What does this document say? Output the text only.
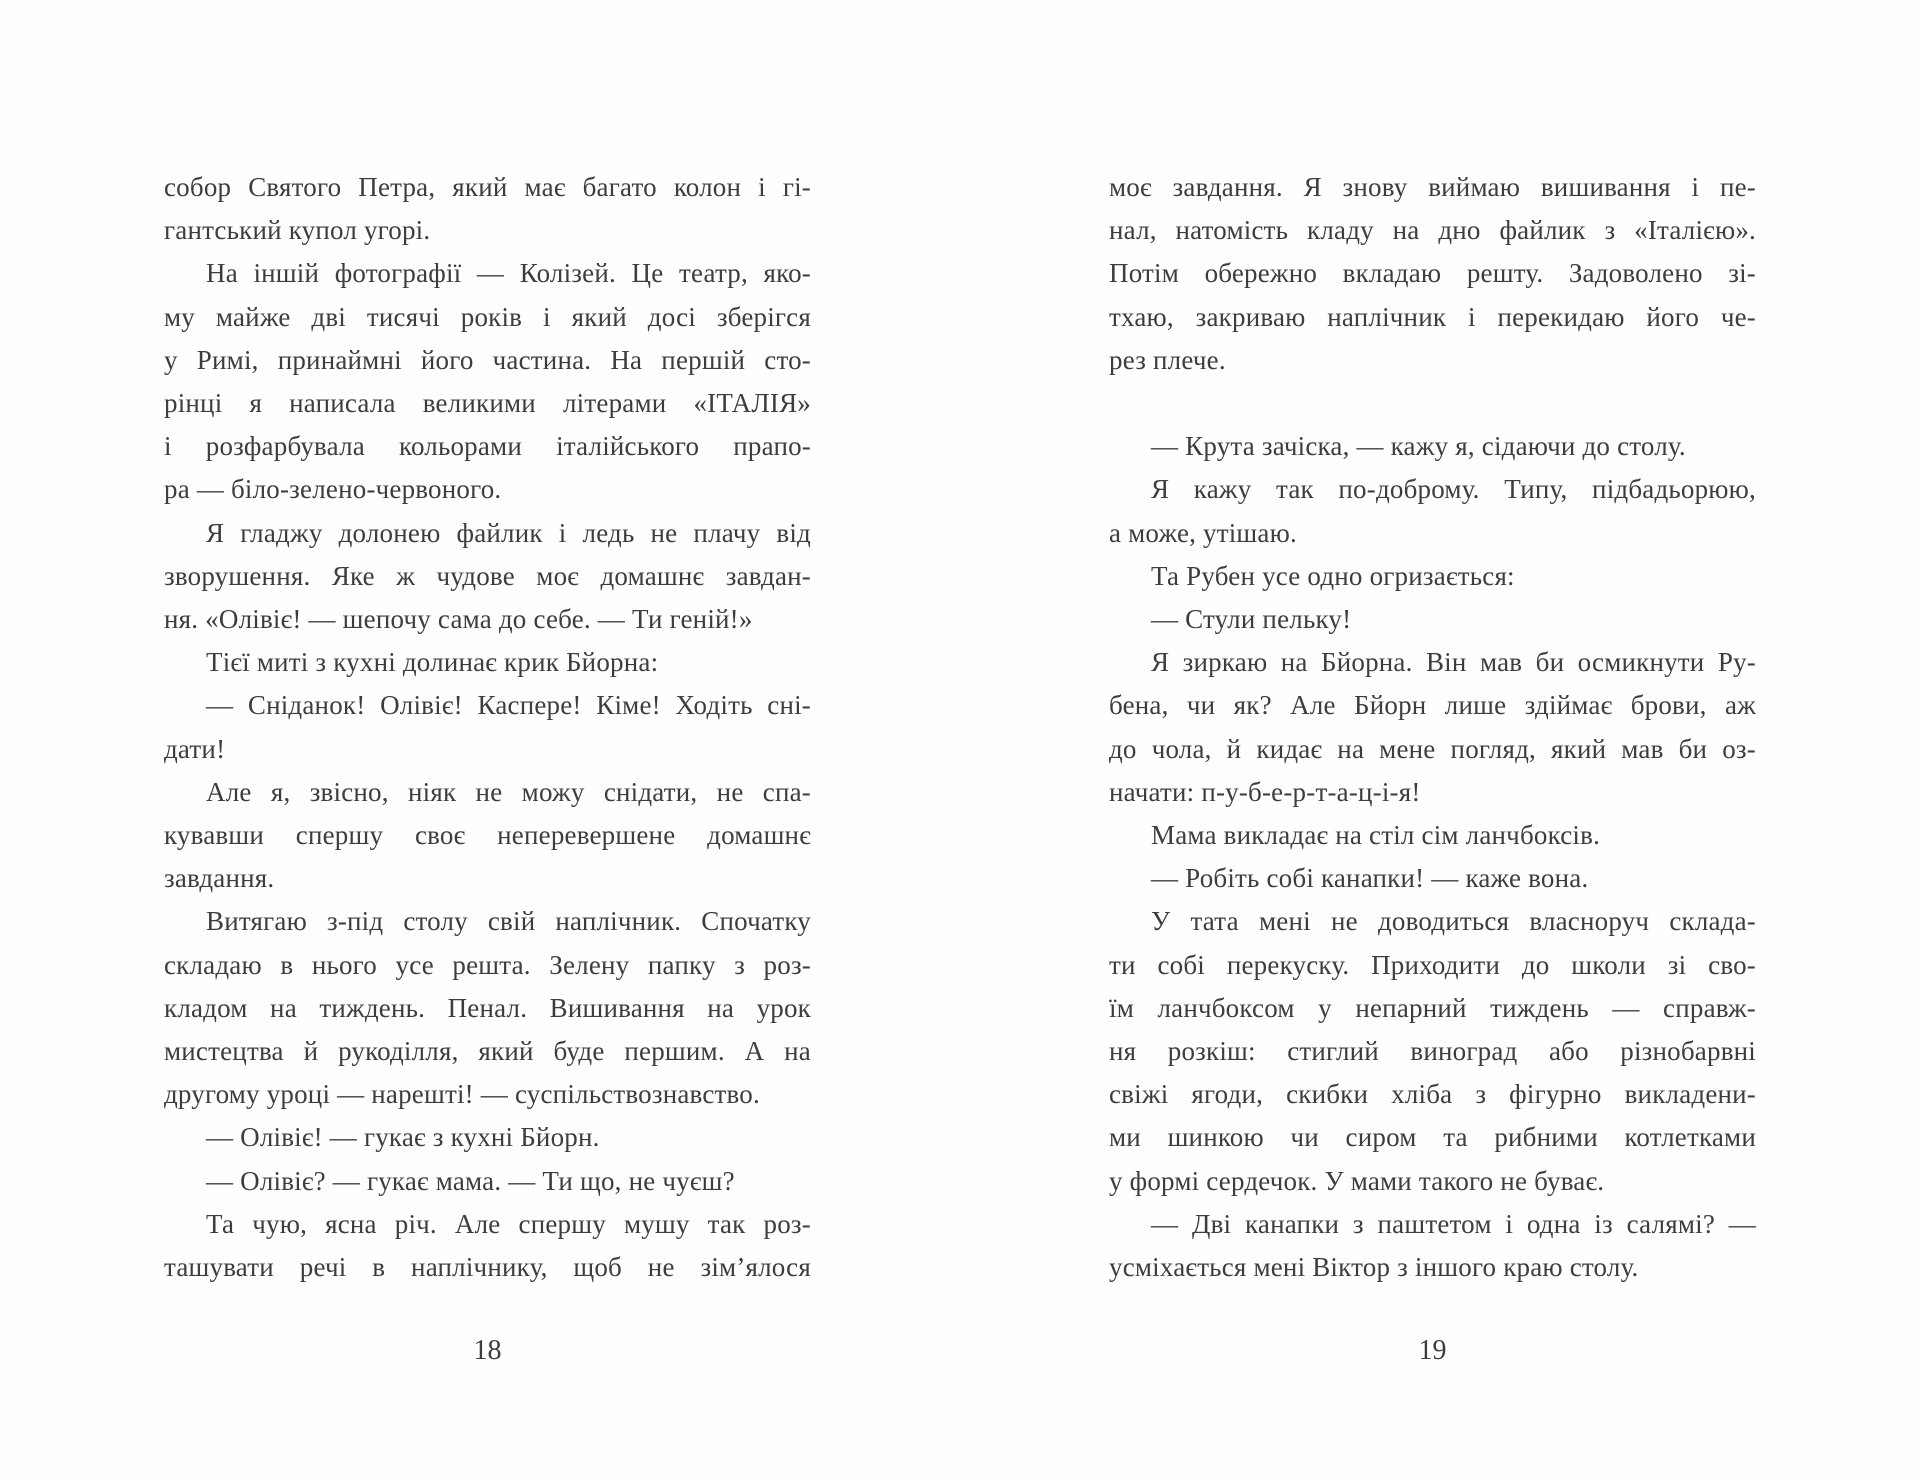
собор Святого Петра, який має багато колон і гі-
гантський купол угорі.
На іншій фотографії — Колізей. Це театр, яко-
му майже дві тисячі років і який досі зберігся
у Римі, принаймні його частина. На першій сто-
рінці я написала великими літерами «ІТАЛІЯ»
і розфарбувала кольорами італійського прапо-
ра — біло-зелено-червоного.
Я гладжу долонею файлик і ледь не плачу від
зворушення. Яке ж чудове моє домашнє завдан-
ня. «Олівіє! — шепочу сама до себе. — Ти геній!»
Тієї миті з кухні долинає крик Бйорна:
— Сніданок! Олівіє! Каспере! Кіме! Ходіть сні-
дати!
Але я, звісно, ніяк не можу снідати, не спа-
кувавши спершу своє неперевершене домашнє
завдання.
Витягаю з-під столу свій наплічник. Спочатку
складаю в нього усе решта. Зелену папку з роз-
кладом на тиждень. Пенал. Вишивання на урок
мистецтва й рукоділля, який буде першим. А на
другому уроці — нарешті! — суспільствознавство.
— Олівіє! — гукає з кухні Бйорн.
— Олівіє? — гукає мама. — Ти що, не чуєш?
Та чую, ясна річ. Але спершу мушу так роз-
ташувати речі в наплічнику, щоб не зім’ялося
18
моє завдання. Я знову виймаю вишивання і пе-
нал, натомість кладу на дно файлик з «Італією».
Потім обережно вкладаю решту. Задоволено зі-
тхаю, закриваю наплічник і перекидаю його че-
рез плече.
— Крута зачіска, — кажу я, сідаючи до столу.
Я кажу так по-доброму. Типу, підбадьорюю,
а може, утішаю.
Та Рубен усе одно огризається:
— Стули пельку!
Я зиркаю на Бйорна. Він мав би осмикнути Ру-
бена, чи як? Але Бйорн лише здіймає брови, аж
до чола, й кидає на мене погляд, який мав би оз-
начати: п-у-б-е-р-т-а-ц-і-я!
Мама викладає на стіл сім ланчбоксів.
— Робіть собі канапки! — каже вона.
У тата мені не доводиться власноруч склада-
ти собі перекуску. Приходити до школи зі сво-
їм ланчбоксом у непарний тиждень — справж-
ня розкіш: стиглий виноград або різнобарвні
свіжі ягоди, скибки хліба з фігурно викладени-
ми шинкою чи сиром та рибними котлетками
у формі сердечок. У мами такого не буває.
— Дві канапки з паштетом і одна із салямі? —
усміхається мені Віктор з іншого краю столу.
19
